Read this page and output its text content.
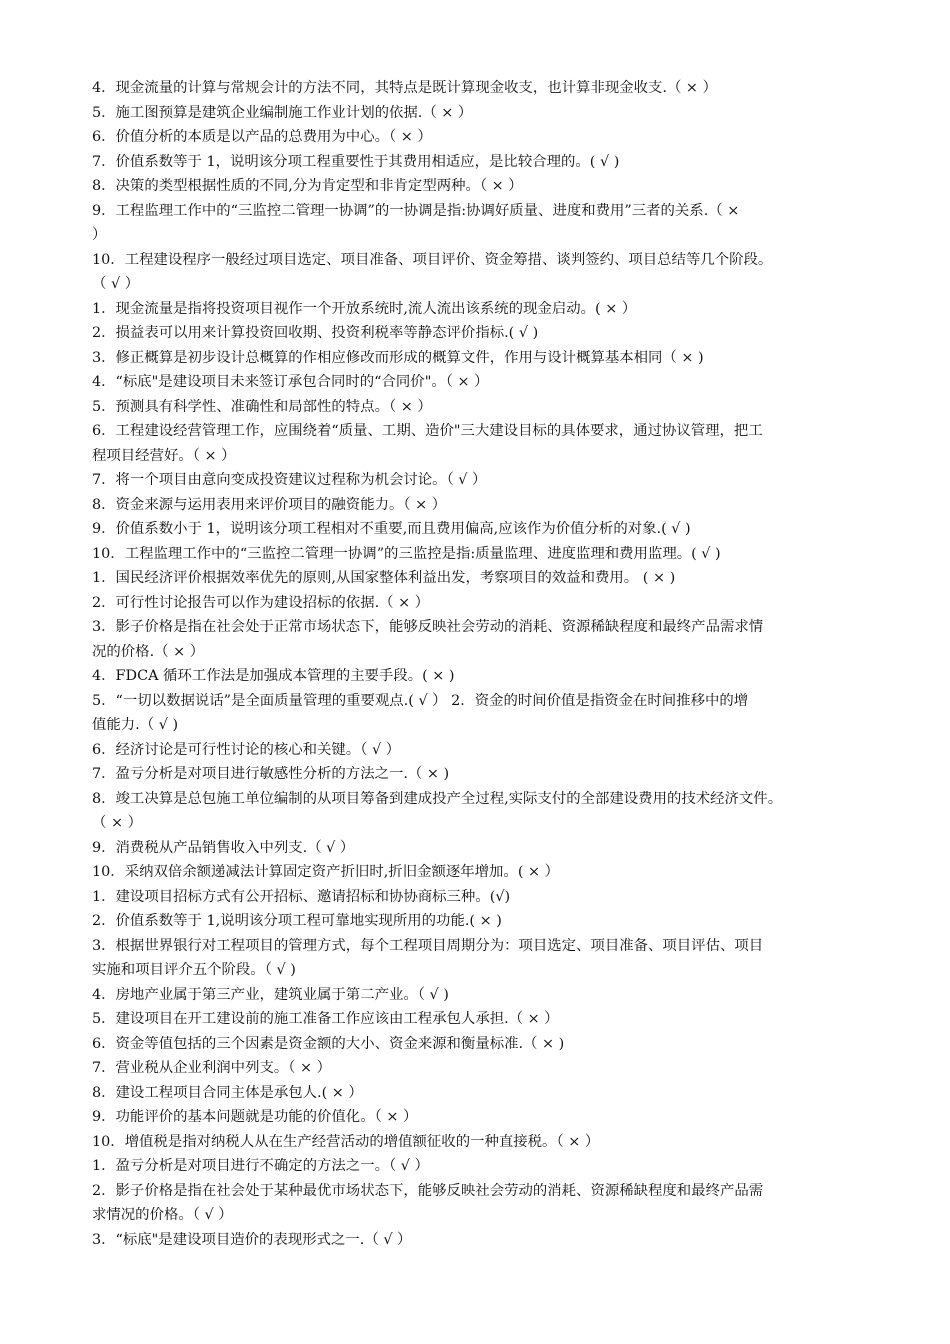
4．现金流量的计算与常规会计的方法不同，其特点是既计算现金收支，也计算非现金收支.（ × ）
5．施工图预算是建筑企业编制施工作业计划的依据.（ × ）
6．价值分析的本质是以产品的总费用为中心。（ × ）
7．价值系数等于 1，说明该分项工程重要性于其费用相适应，是比较合理的。( √ )
8．决策的类型根据性质的不同,分为肯定型和非肯定型两种。（ × ）
9．工程监理工作中的“三监控二管理一协调”的一协调是指:协调好质量、进度和费用”三者的关系.（ ×
）
10．工程建设程序一般经过项目选定、项目准备、项目评价、资金筹措、谈判签约、项目总结等几个阶段。
（ √ ）
1．现金流量是指将投资项目视作一个开放系统时,流人流出该系统的现金启动。( × ）
2．损益表可以用来计算投资回收期、投资利税率等静态评价指标.( √ )
3．修正概算是初步设计总概算的作相应修改而形成的概算文件，作用与设计概算基本相同（ × )
4．“标底"是建设项目未来签订承包合同时的“合同价"。（ × ）
5．预测具有科学性、准确性和局部性的特点。（ × ）
6．工程建设经营管理工作，应围绕着“质量、工期、造价"三大建设目标的具体要求，通过协议管理，把工
程项目经营好。（ × ）
7．将一个项目由意向变成投资建议过程称为机会讨论。（ √ ）
8．资金来源与运用表用来评价项目的融资能力。（ × ）
9．价值系数小于 1，说明该分项工程相对不重要,而且费用偏高,应该作为价值分析的对象.( √ )
10．工程监理工作中的“三监控二管理一协调”的三监控是指:质量监理、进度监理和费用监理。( √ )
1．国民经济评价根据效率优先的原则,从国家整体利益出发，考察项目的效益和费用。 ( × )
2．可行性讨论报告可以作为建设招标的依据.（ × ）
3．影子价格是指在社会处于正常市场状态下，能够反映社会劳动的消耗、资源稀缺程度和最终产品需求情
况的价格.（ × ）
4．FDCA 循环工作法是加强成本管理的主要手段。( × )
5．“一切以数据说话”是全面质量管理的重要观点.( √ ） 2．资金的时间价值是指资金在时间推移中的增
值能力.（ √ )
6．经济讨论是可行性讨论的核心和关键。（ √ ）
7．盈亏分析是对项目进行敏感性分析的方法之一.（ × )
8．竣工决算是总包施工单位编制的从项目筹备到建成投产全过程,实际支付的全部建设费用的技术经济文件。
（ × ）
9．消费税从产品销售收入中列支.（ √ ）
10．采纳双倍余额递减法计算固定资产折旧时,折旧金额逐年增加。( × ）
1．建设项目招标方式有公开招标、邀请招标和协协商标三种。(√)
2．价值系数等于 1,说明该分项工程可靠地实现所用的功能.( × )
3．根据世界银行对工程项目的管理方式，每个工程项目周期分为：项目选定、项目准备、项目评估、项目
实施和项目评介五个阶段。（ √ )
4．房地产业属于第三产业，建筑业属于第二产业。（ √ )
5．建设项目在开工建设前的施工准备工作应该由工程承包人承担.（ × ）
6．资金等值包括的三个因素是资金额的大小、资金来源和衡量标准.（ × )
7．营业税从企业利润中列支。（ × ）
8．建设工程项目合同主体是承包人.( × ）
9．功能评价的基本问题就是功能的价值化。（ × ）
10．增值税是指对纳税人从在生产经营活动的增值额征收的一种直接税。（ × ）
1．盈亏分析是对项目进行不确定的方法之一。（ √ ）
2．影子价格是指在社会处于某种最优市场状态下，能够反映社会劳动的消耗、资源稀缺程度和最终产品需
求情况的价格。（ √ ）
3．“标底"是建设项目造价的表现形式之一.（ √ ）
